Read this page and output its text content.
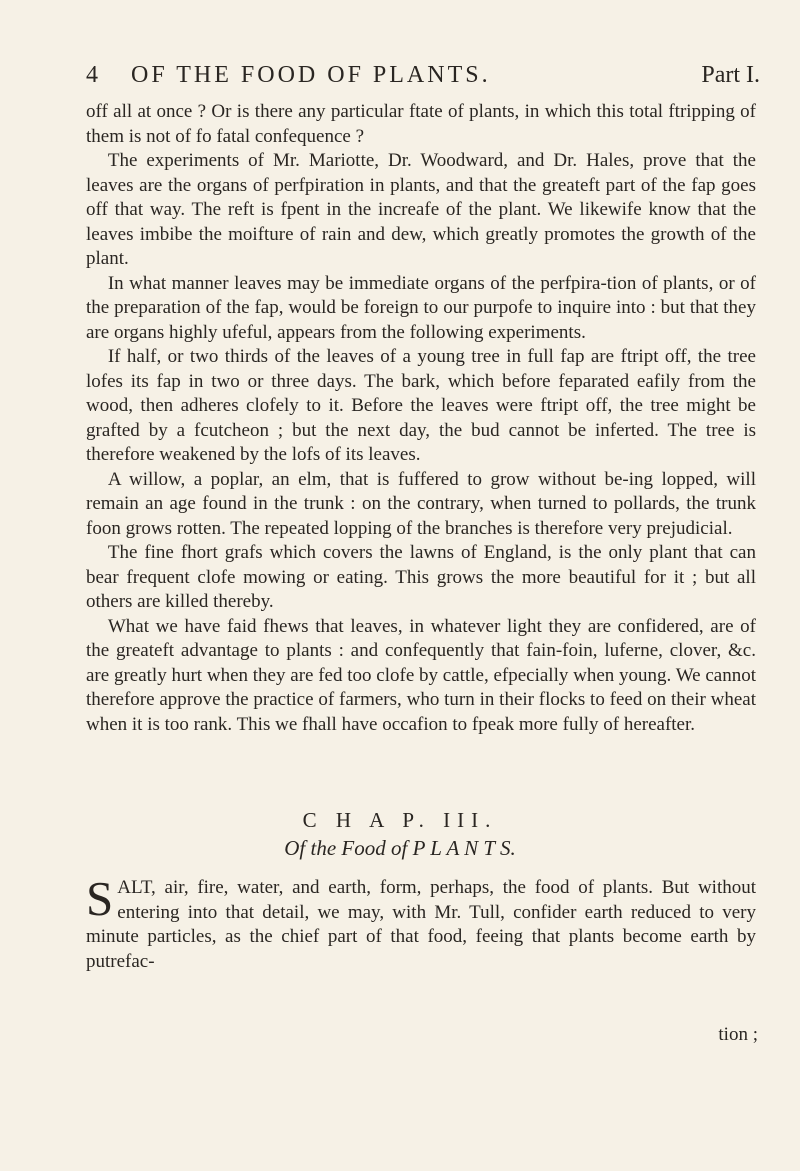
4 OF THE FOOD OF PLANTS.	Part I.

off all at once ? Or is there any particular ftate of plants, in which this total ftripping of them is not of fo fatal confequence ?

The experiments of Mr. Mariotte, Dr. Woodward, and Dr. Hales, prove that the leaves are the organs of perfpiration in plants, and that the greateft part of the fap goes off that way. The reft is fpent in the increafe of the plant. We likewife know that the leaves imbibe the moifture of rain and dew, which greatly promotes the growth of the plant.

In what manner leaves may be immediate organs of the perfpira-tion of plants, or of the preparation of the fap, would be foreign to our purpofe to inquire into : but that they are organs highly ufeful, appears from the following experiments.

If half, or two thirds of the leaves of a young tree in full fap are ftript off, the tree lofes its fap in two or three days. The bark, which before feparated eafily from the wood, then adheres clofely to it. Before the leaves were ftript off, the tree might be grafted by a fcutcheon ; but the next day, the bud cannot be inferted. The tree is therefore weakened by the lofs of its leaves.

A willow, a poplar, an elm, that is fuffered to grow without be-ing lopped, will remain an age found in the trunk : on the contrary, when turned to pollards, the trunk foon grows rotten. The repeated lopping of the branches is therefore very prejudicial.

The fine fhort grafs which covers the lawns of England, is the only plant that can bear frequent clofe mowing or eating. This grows the more beautiful for it ; but all others are killed thereby.

What we have faid fhews that leaves, in whatever light they are confidered, are of the greateft advantage to plants : and confequently that fain-foin, luferne, clover, &c. are greatly hurt when they are fed too clofe by cattle, efpecially when young. We cannot therefore approve the practice of farmers, who turn in their flocks to feed on their wheat when it is too rank. This we fhall have occafion to fpeak more fully of hereafter.

C H A P. III.
Of the Food of P L A N T S.
SALT, air, fire, water, and earth, form, perhaps, the food of plants. But without entering into that detail, we may, with Mr. Tull, confider earth reduced to very minute particles, as the chief part of that food, feeing that plants become earth by putrefac-
tion ;
